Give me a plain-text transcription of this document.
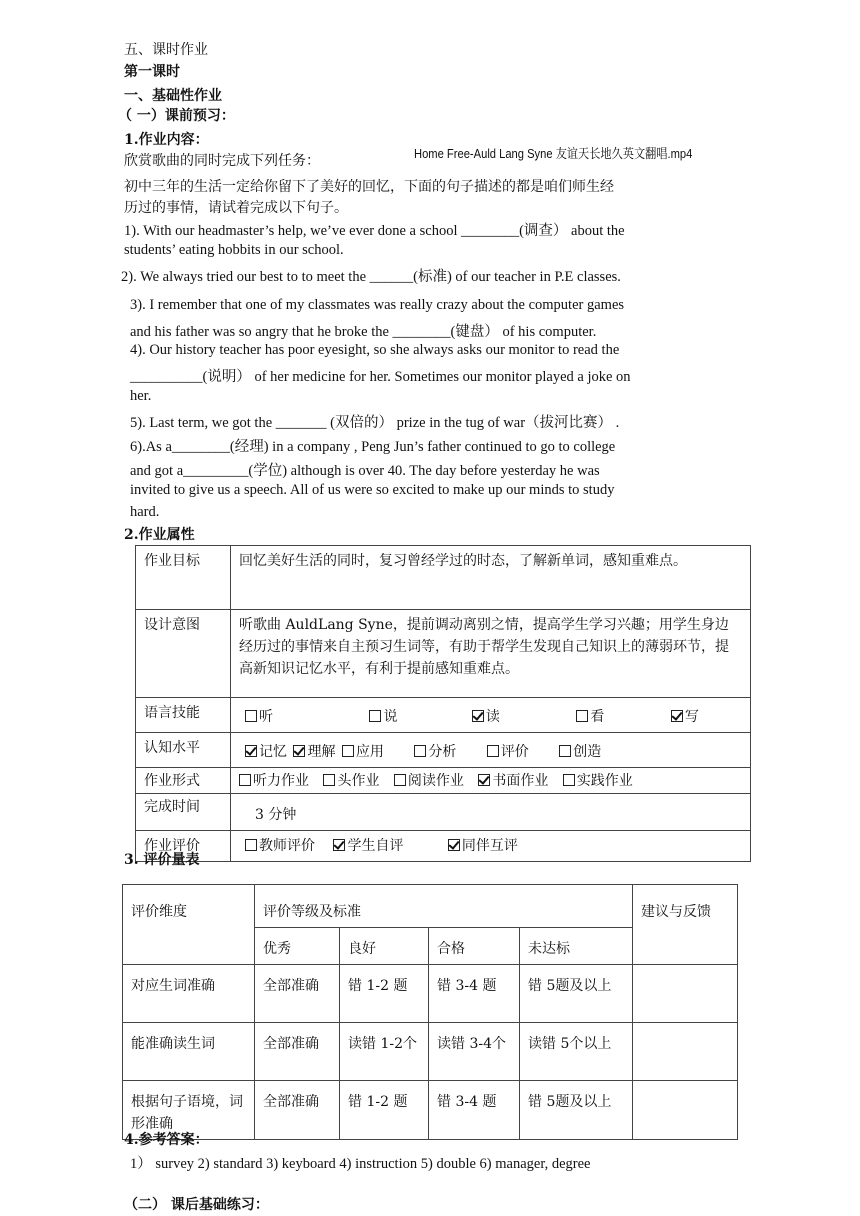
五、课时作业
第一课时
一、基础性作业
（ 一）课前预习：
1.作业内容：
Home Free-Auld Lang Syne 友谊天长地久英文翻唱.mp4
欣赏歌曲的同时完成下列任务：
初中三年的生活一定给你留下了美好的回忆，下面的句子描述的都是咱们师生经
历过的事情，请试着完成以下句子。
1). With our headmaster’s help, we’ve ever done a school ________(调查） about the
students’ eating hobbits in our school.
2). We always tried our best to to meet the ______(标准) of our teacher in P.E classes.
3). I remember that one of my classmates was really crazy about the computer games
and his father was so angry that he broke the ________(键盘） of his computer.
4). Our history teacher has poor eyesight, so she always asks our monitor to read the
__________(说明） of her medicine for her. Sometimes our monitor played a joke on
her.
5). Last term, we got the _______ (双倍的） prize in the tug of war（拔河比赛） .
6).As a________(经理) in a company , Peng Jun’s father continued to go to college
and got a_________(学位) although is over 40. The day before yesterday he was
invited to give us a speech. All of us were so excited to make up our minds to study
hard.
2.作业属性
作业目标	回忆美好生活的同时，复习曾经学过的时态，了解新单词，感知重难点。
设计意图	听歌曲 AuldLang Syne，提前调动离别之情，提高学生学习兴趣；用学生身边经历过的事情来自主预习生词等，有助于帮学生发现自己知识上的薄弱环节，提高新知识记忆水平，有利于提前感知重难点。
语言技能	听 说 读 看 写
认知水平	记忆 理解 应用 分析 评价 创造
作业形式	听力作业 头作业 阅读作业 书面作业 实践作业
完成时间	3 分钟
作业评价	教师评价 学生自评 同伴互评
3. 评价量表
评价维度	评价等级及标准				建议与反馈
	优秀	良好	合格	未达标	
对应生词准确	全部准确	错 1-2 题	错 3-4 题	错 5题及以上	
能准确读生词	全部准确	读错 1-2个	读错 3-4个	读错 5个以上	
根据句子语境，词形准确	全部准确	错 1-2 题	错 3-4 题	错 5题及以上	
4.参考答案：
1） survey 2) standard 3) keyboard 4) instruction 5) double 6) manager, degree
（二） 课后基础练习：
